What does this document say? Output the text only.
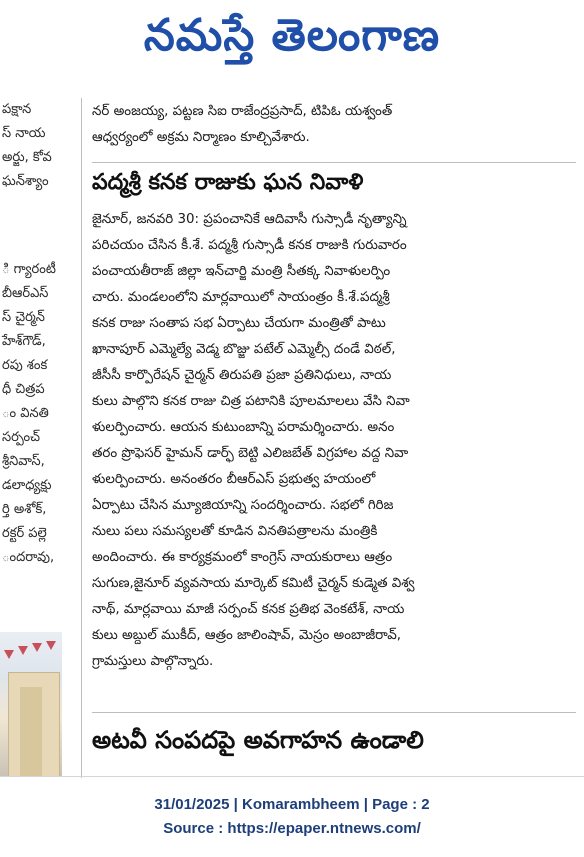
నమస్తే తెలంగాణ
పక్షాన
స్ నాయ
అర్జు, కోవ
ఘన్‌శ్యాం
ి గ్యారంటీ
బీఆర్ఎస్
స్ చైర్మన్
హేశ్‌గౌడ్,
రపు శంక
ధీ చిత్రప
ం వినతి
సర్పంచ్
శ్రీనివాస్,
డలాధ్యక్షు
ర్తి అశోక్,
రక్టర్ పల్లె
ందరావు,
నర్ అంజయ్య, పట్టణ సిఐ రాజేంద్రప్రసాద్, టిపిఓ యశ్వంత్
ఆధ్వర్యంలో అక్రమ నిర్మాణం కూల్చివేశారు.
పద్మశ్రీ కనక రాజుకు ఘన నివాళి
జైనూర్, జనవరి 30: ప్రపంచానికే ఆదివాసీ గుస్సాడీ నృత్యాన్ని
పరిచయం చేసిన కీ.శే. పద్మశ్రీ గుస్సాడీ కనక రాజుకి గురువారం
పంచాయతీరాజ్ జిల్లా ఇన్‌చార్జి మంత్రి సీతక్క నివాళులర్పిం
చారు. మండలంలోని మార్లవాయిలో సాయంత్రం కీ.శే.పద్మశ్రీ
కనక రాజు సంతాప సభ ఏర్పాటు చేయగా మంత్రితో పాటు
ఖానాపూర్ ఎమ్మెల్యే వెడ్మ బొజ్జు పటేల్ ఎమ్మెల్సీ దండే విఠల్,
జీసీసీ కార్పొరేషన్ చైర్మన్ తిరుపతి ప్రజా ప్రతినిధులు, నాయ
కులు పాల్గొని కనక రాజు చిత్ర పటానికి పూలమాలలు వేసి నివా
ళులర్పించారు. ఆయన కుటుంబాన్ని పరామర్శించారు. అనం
తరం ప్రొఫెసర్ హైమన్ డార్ఫ్ బెట్టి ఎలిజబేత్ విగ్రహాల వద్ద నివా
ళులర్పించారు. అనంతరం బీఆర్ఎస్ ప్రభుత్వ హయంలో
ఏర్పాటు చేసిన మ్యూజియాన్ని సందర్శించారు. సభలో గిరిజ
నులు పలు సమస్యలతో కూడిన వినతిపత్రాలను మంత్రికి
అందించారు. ఈ కార్యక్రమంలో కాంగ్రెస్ నాయకురాలు ఆత్రం
సుగుణ,జైనూర్ వ్యవసాయ మార్కెట్ కమిటీ చైర్మన్ కుడ్మెత విశ్వ
నాథ్, మార్లవాయి మాజీ సర్పంచ్ కనక ప్రతిభ వెంకటేశ్, నాయ
కులు అబ్దుల్ ముకీద్, ఆత్రం జాలింషావ్, మెస్రం అంబాజీరావ్,
గ్రామస్తులు పాల్గొన్నారు.
అటవీ సంపదపై అవగాహన ఉండాలి
31/01/2025 | Komarambheem | Page : 2
Source : https://epaper.ntnews.com/
